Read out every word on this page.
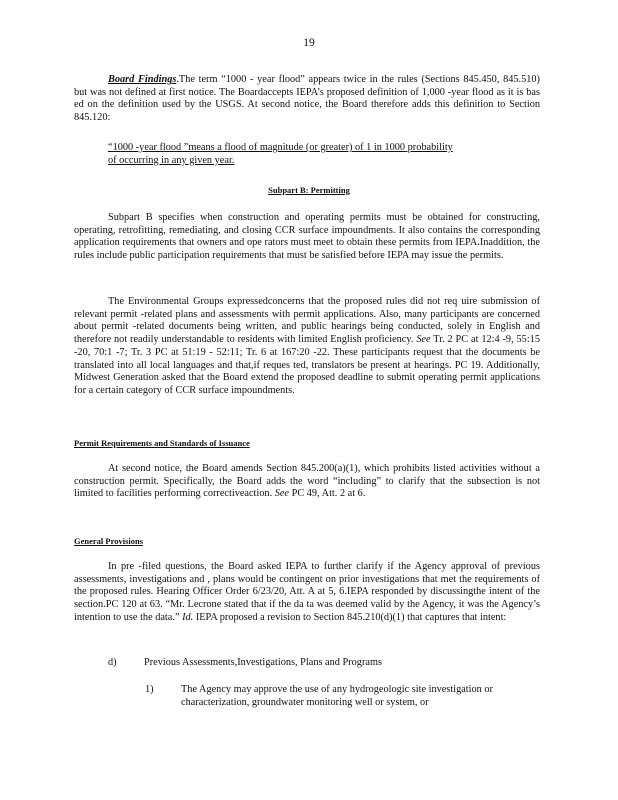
19

Board Findings.The term “1000 - year flood” appears twice in the rules (Sections 845.450, 845.510) but was not defined at first notice. The Boardaccepts IEPA’s proposed definition of 1,000 -year flood as it is bas ed on the definition used by the USGS. At second notice, the Board therefore adds this definition to Section 845.120:

“1000 -year flood ”means a flood of magnitude (or greater) of 1 in 1000 probability of occurring in any given year.

Subpart B: Permitting

Subpart B specifies when construction and operating permits must be obtained for constructing, operating, retrofitting, remediating, and closing CCR surface impoundments. It also contains the corresponding application requirements that owners and ope rators must meet to obtain these permits from IEPA.Inaddition, the rules include public participation requirements that must be satisfied before IEPA may issue the permits.

The Environmental Groups expressedconcerns that the proposed rules did not req uire submission of relevant permit -related plans and assessments with permit applications. Also, many participants are concerned about permit -related documents being written, and public hearings being conducted, solely in English and therefore not readily understandable to residents with limited English proficiency. See Tr. 2 PC at 12:4 -9, 55:15 -20, 70:1 -7; Tr. 3 PC at 51:19 - 52:11; Tr. 6 at 167:20 -22. These participants request that the documents be translated into all local languages and that,if reques ted, translators be present at hearings. PC 19. Additionally, Midwest Generation asked that the Board extend the proposed deadline to submit operating permit applications for a certain category of CCR surface impoundments.

Permit Requirements and Standards of Issuance

At second notice, the Board amends Section 845.200(a)(1), which prohibits listed activities without a construction permit. Specifically, the Board adds the word “including” to clarify that the subsection is not limited to facilities performing correctiveaction. See PC 49, Att. 2 at 6.

General Provisions

In pre -filed questions, the Board asked IEPA to further clarify if the Agency approval of previous assessments, investigations and , plans would be contingent on prior investigations that met the requirements of the proposed rules. Hearing Officer Order 6/23/20, Att. A at 5, 6.IEPA responded by discussingthe intent of the section.PC 120 at 63. “Mr. Lecrone stated that if the da ta was deemed valid by the Agency, it was the Agency’s intention to use the data.” Id. IEPA proposed a revision to Section 845.210(d)(1) that captures that intent:

d)	Previous Assessments,Investigations, Plans and Programs
1)	The Agency may approve the use of any hydrogeologic site investigation or characterization, groundwater monitoring well or system, or
